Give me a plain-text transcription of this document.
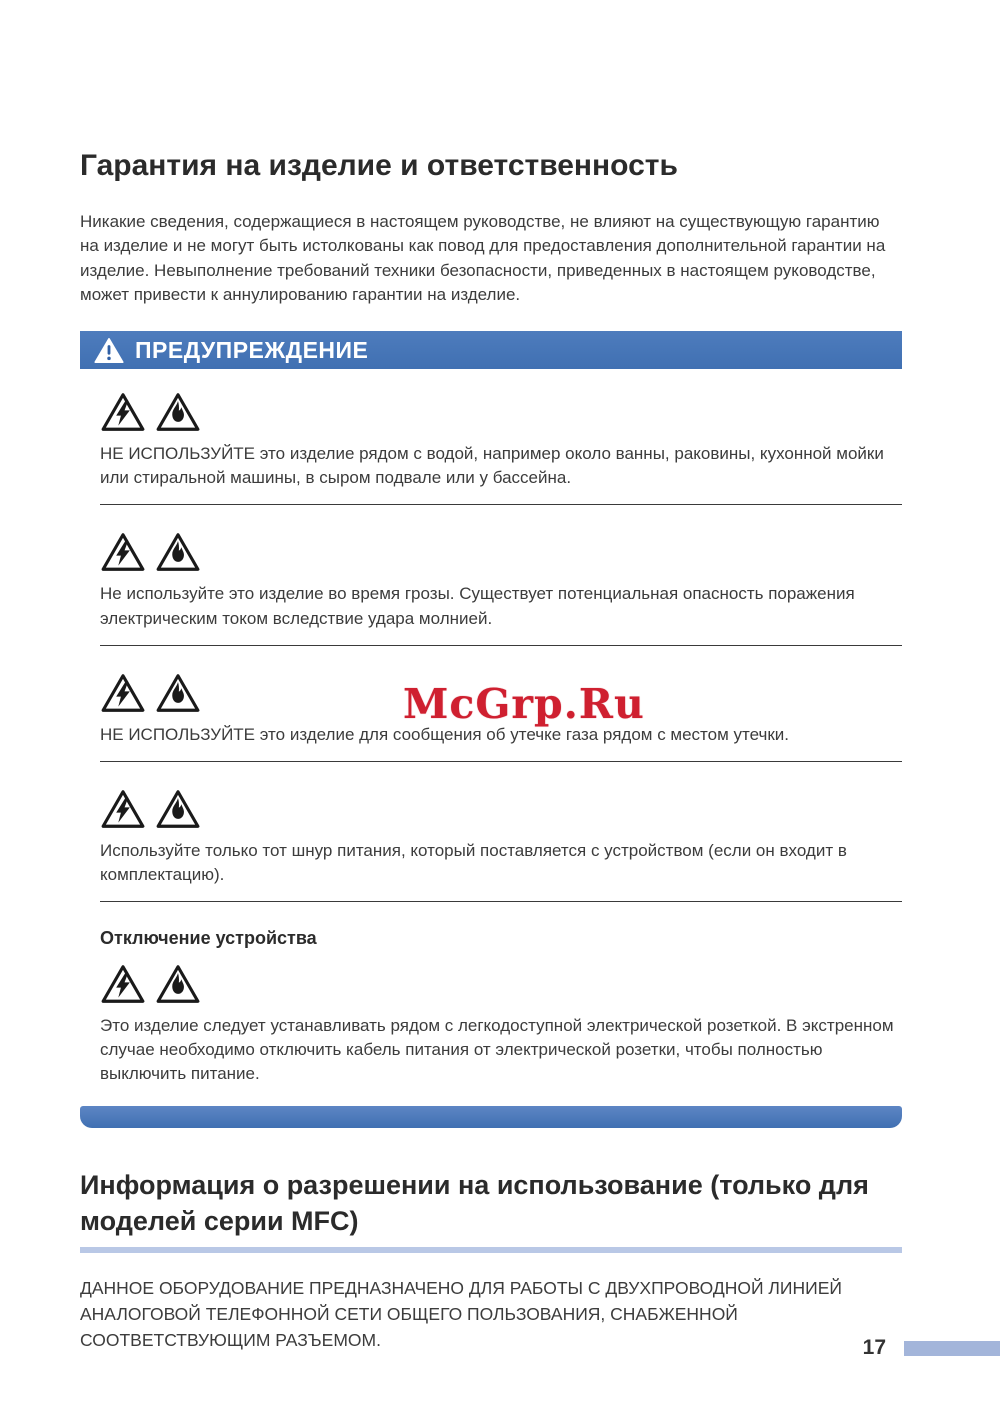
Гарантия на изделие и ответственность

Никакие сведения, содержащиеся в настоящем руководстве, не влияют на существующую гарантию на изделие и не могут быть истолкованы как повод для предоставления дополнительной гарантии на изделие. Невыполнение требований техники безопасности, приведенных в настоящем руководстве, может привести к аннулированию гарантии на изделие.

ПРЕДУПРЕЖДЕНИЕ

НЕ ИСПОЛЬЗУЙТЕ это изделие рядом с водой, например около ванны, раковины, кухонной мойки или стиральной машины, в сыром подвале или у бассейна.

Не используйте это изделие во время грозы. Существует потенциальная опасность поражения электрическим током вследствие удара молнией.

НЕ ИСПОЛЬЗУЙТЕ это изделие для сообщения об утечке газа рядом с местом утечки.

Используйте только тот шнур питания, который поставляется с устройством (если он входит в комплектацию).

Отключение устройства

Это изделие следует устанавливать рядом с легкодоступной электрической розеткой. В экстренном случае необходимо отключить кабель питания от электрической розетки, чтобы полностью выключить питание.

Информация о разрешении на использование (только для моделей серии MFC)

ДАННОЕ ОБОРУДОВАНИЕ ПРЕДНАЗНАЧЕНО ДЛЯ РАБОТЫ С ДВУХПРОВОДНОЙ ЛИНИЕЙ АНАЛОГОВОЙ ТЕЛЕФОННОЙ СЕТИ ОБЩЕГО ПОЛЬЗОВАНИЯ, СНАБЖЕННОЙ СООТВЕТСТВУЮЩИМ РАЗЪЕМОМ.

McGrp.Ru
17
